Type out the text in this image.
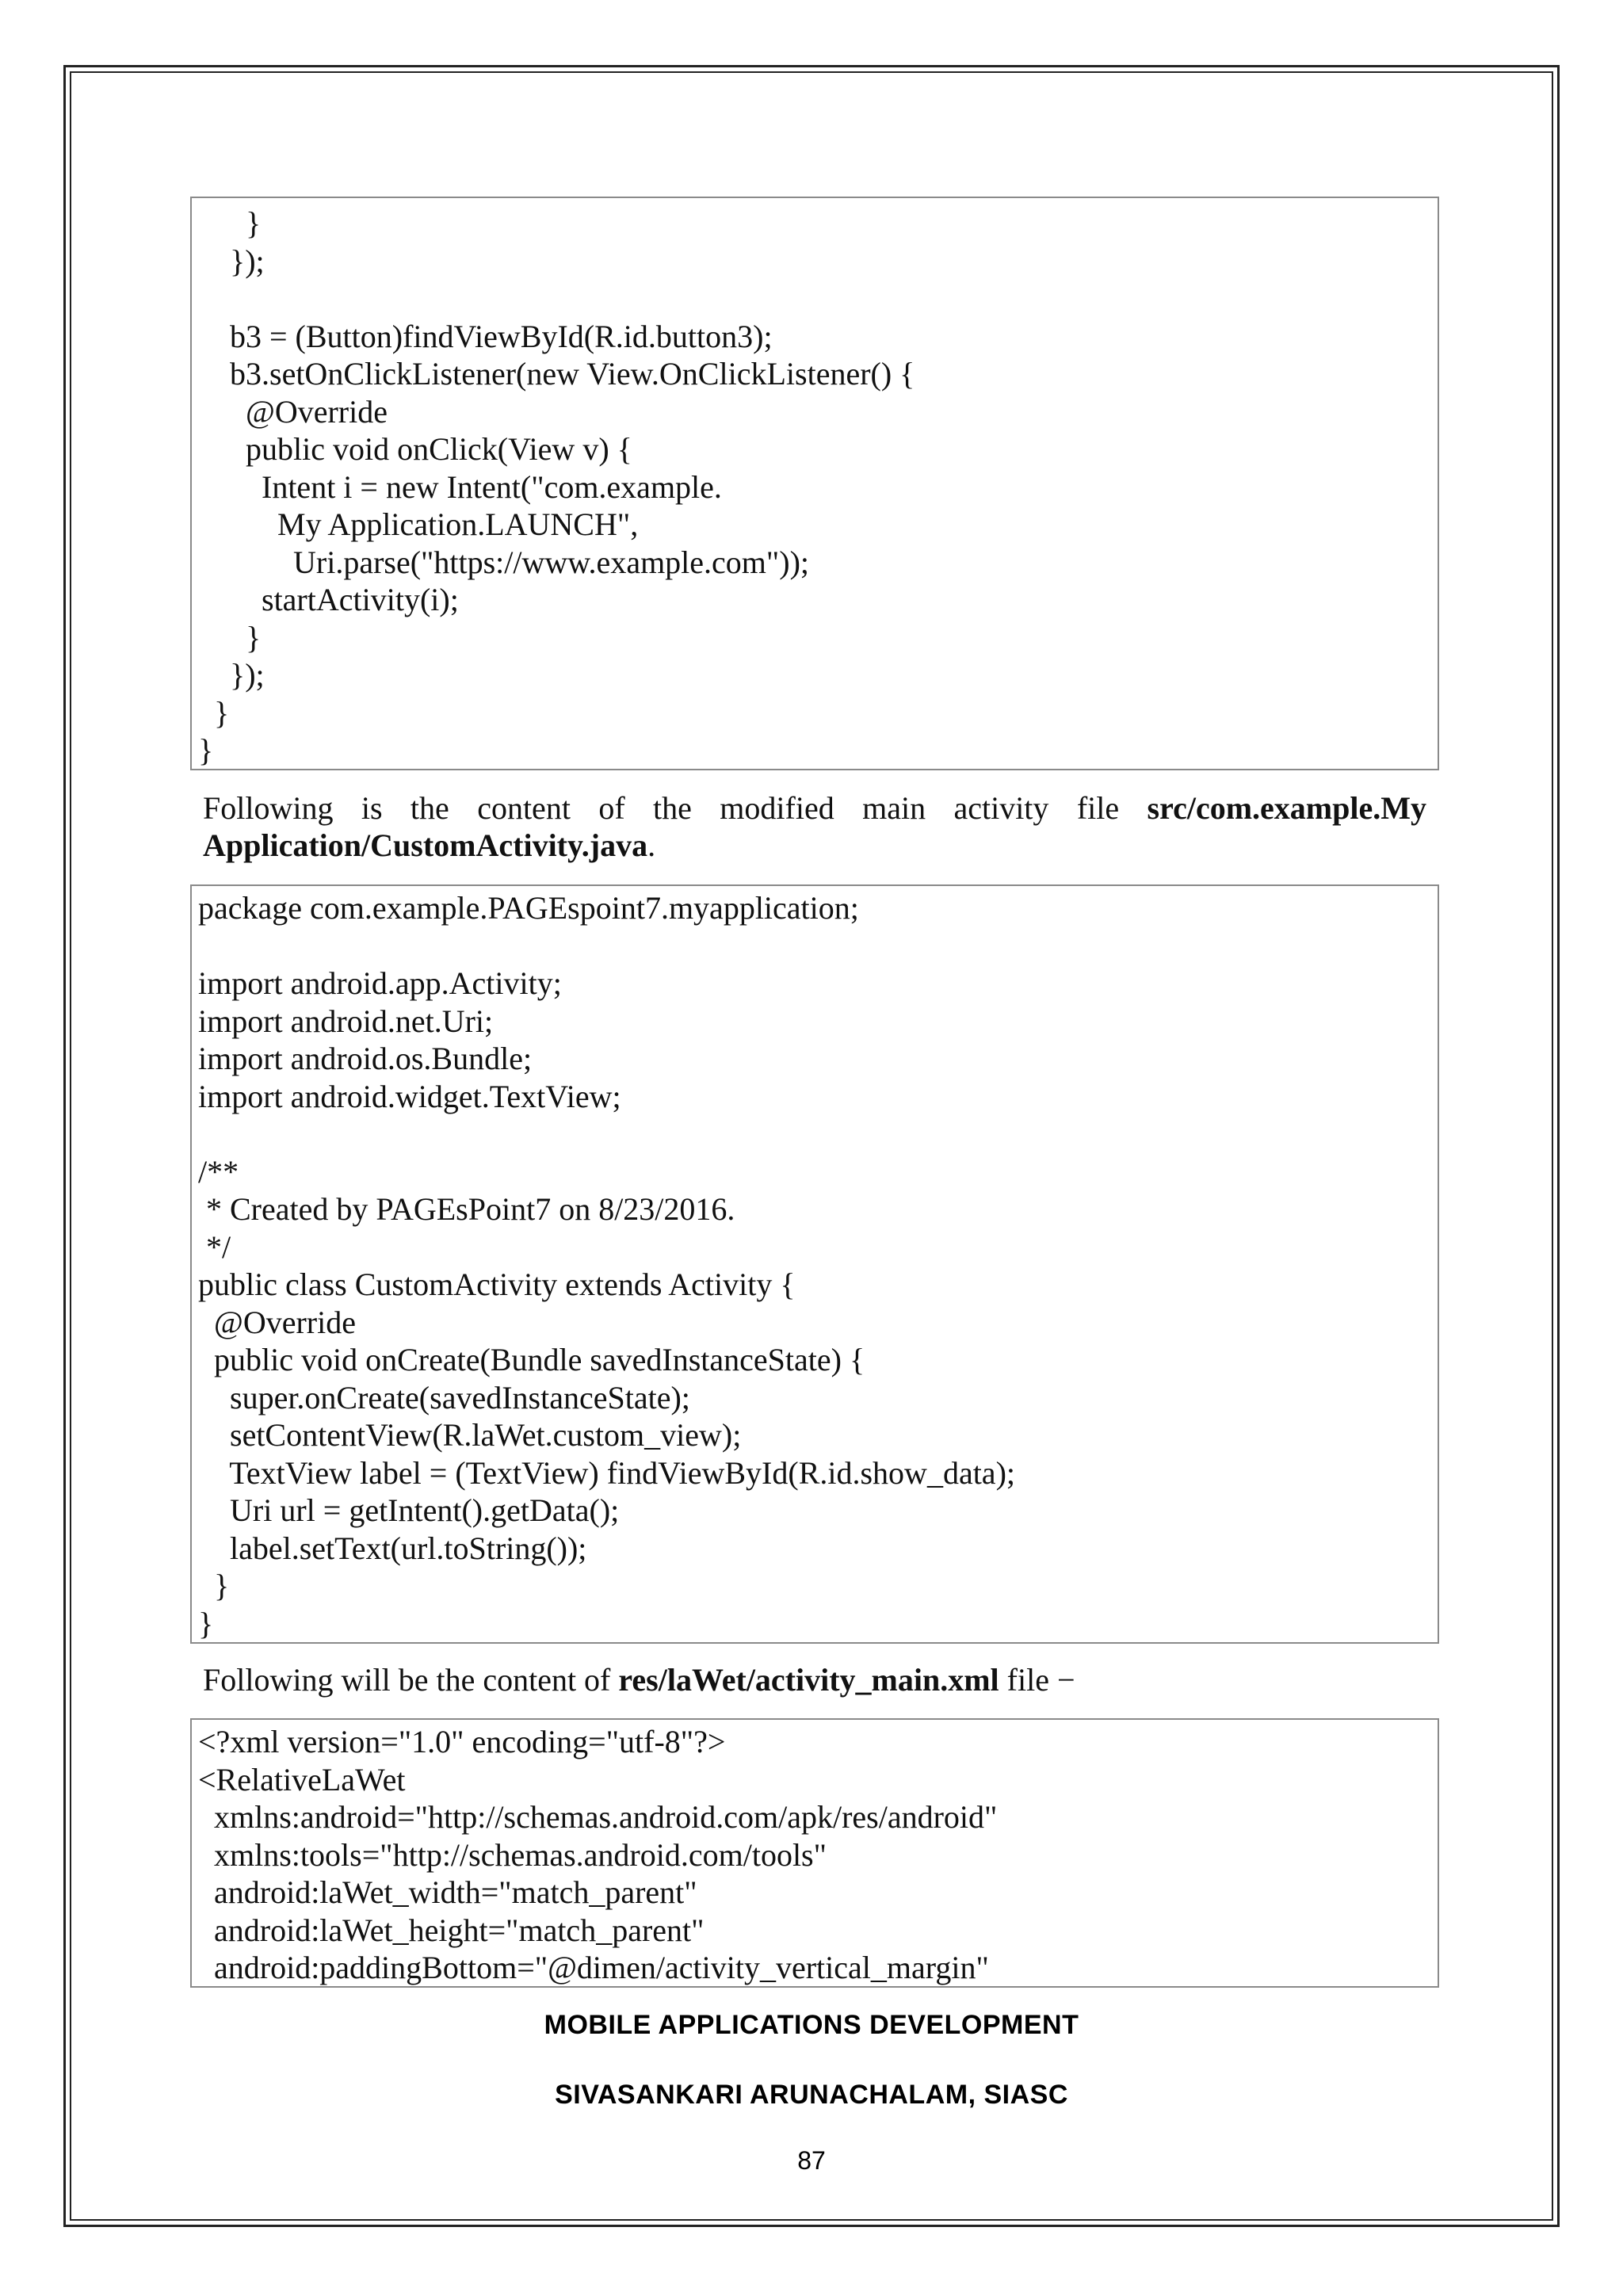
}
});
b3 = (Button)findViewById(R.id.button3);
b3.setOnClickListener(new View.OnClickListener() {
@Override
public void onClick(View v) {
Intent i = new Intent("com.example.
My Application.LAUNCH",
Uri.parse("https://www.example.com"));
startActivity(i);
}
});
}
}
Following is the content of the modified main activity file src/com.example.My
Application/CustomActivity.java.
package com.example.PAGEspoint7.myapplication;
import android.app.Activity;
import android.net.Uri;
import android.os.Bundle;
import android.widget.TextView;
/**
* Created by PAGEsPoint7 on 8/23/2016.
*/
public class CustomActivity extends Activity {
@Override
public void onCreate(Bundle savedInstanceState) {
super.onCreate(savedInstanceState);
setContentView(R.laWet.custom_view);
TextView label = (TextView) findViewById(R.id.show_data);
Uri url = getIntent().getData();
label.setText(url.toString());
}
}
Following will be the content of res/laWet/activity_main.xml file −
<?xml version="1.0" encoding="utf-8"?>
<RelativeLaWet
xmlns:android="http://schemas.android.com/apk/res/android"
xmlns:tools="http://schemas.android.com/tools"
android:laWet_width="match_parent"
android:laWet_height="match_parent"
android:paddingBottom="@dimen/activity_vertical_margin"
MOBILE APPLICATIONS DEVELOPMENT
SIVASANKARI ARUNACHALAM, SIASC
87
